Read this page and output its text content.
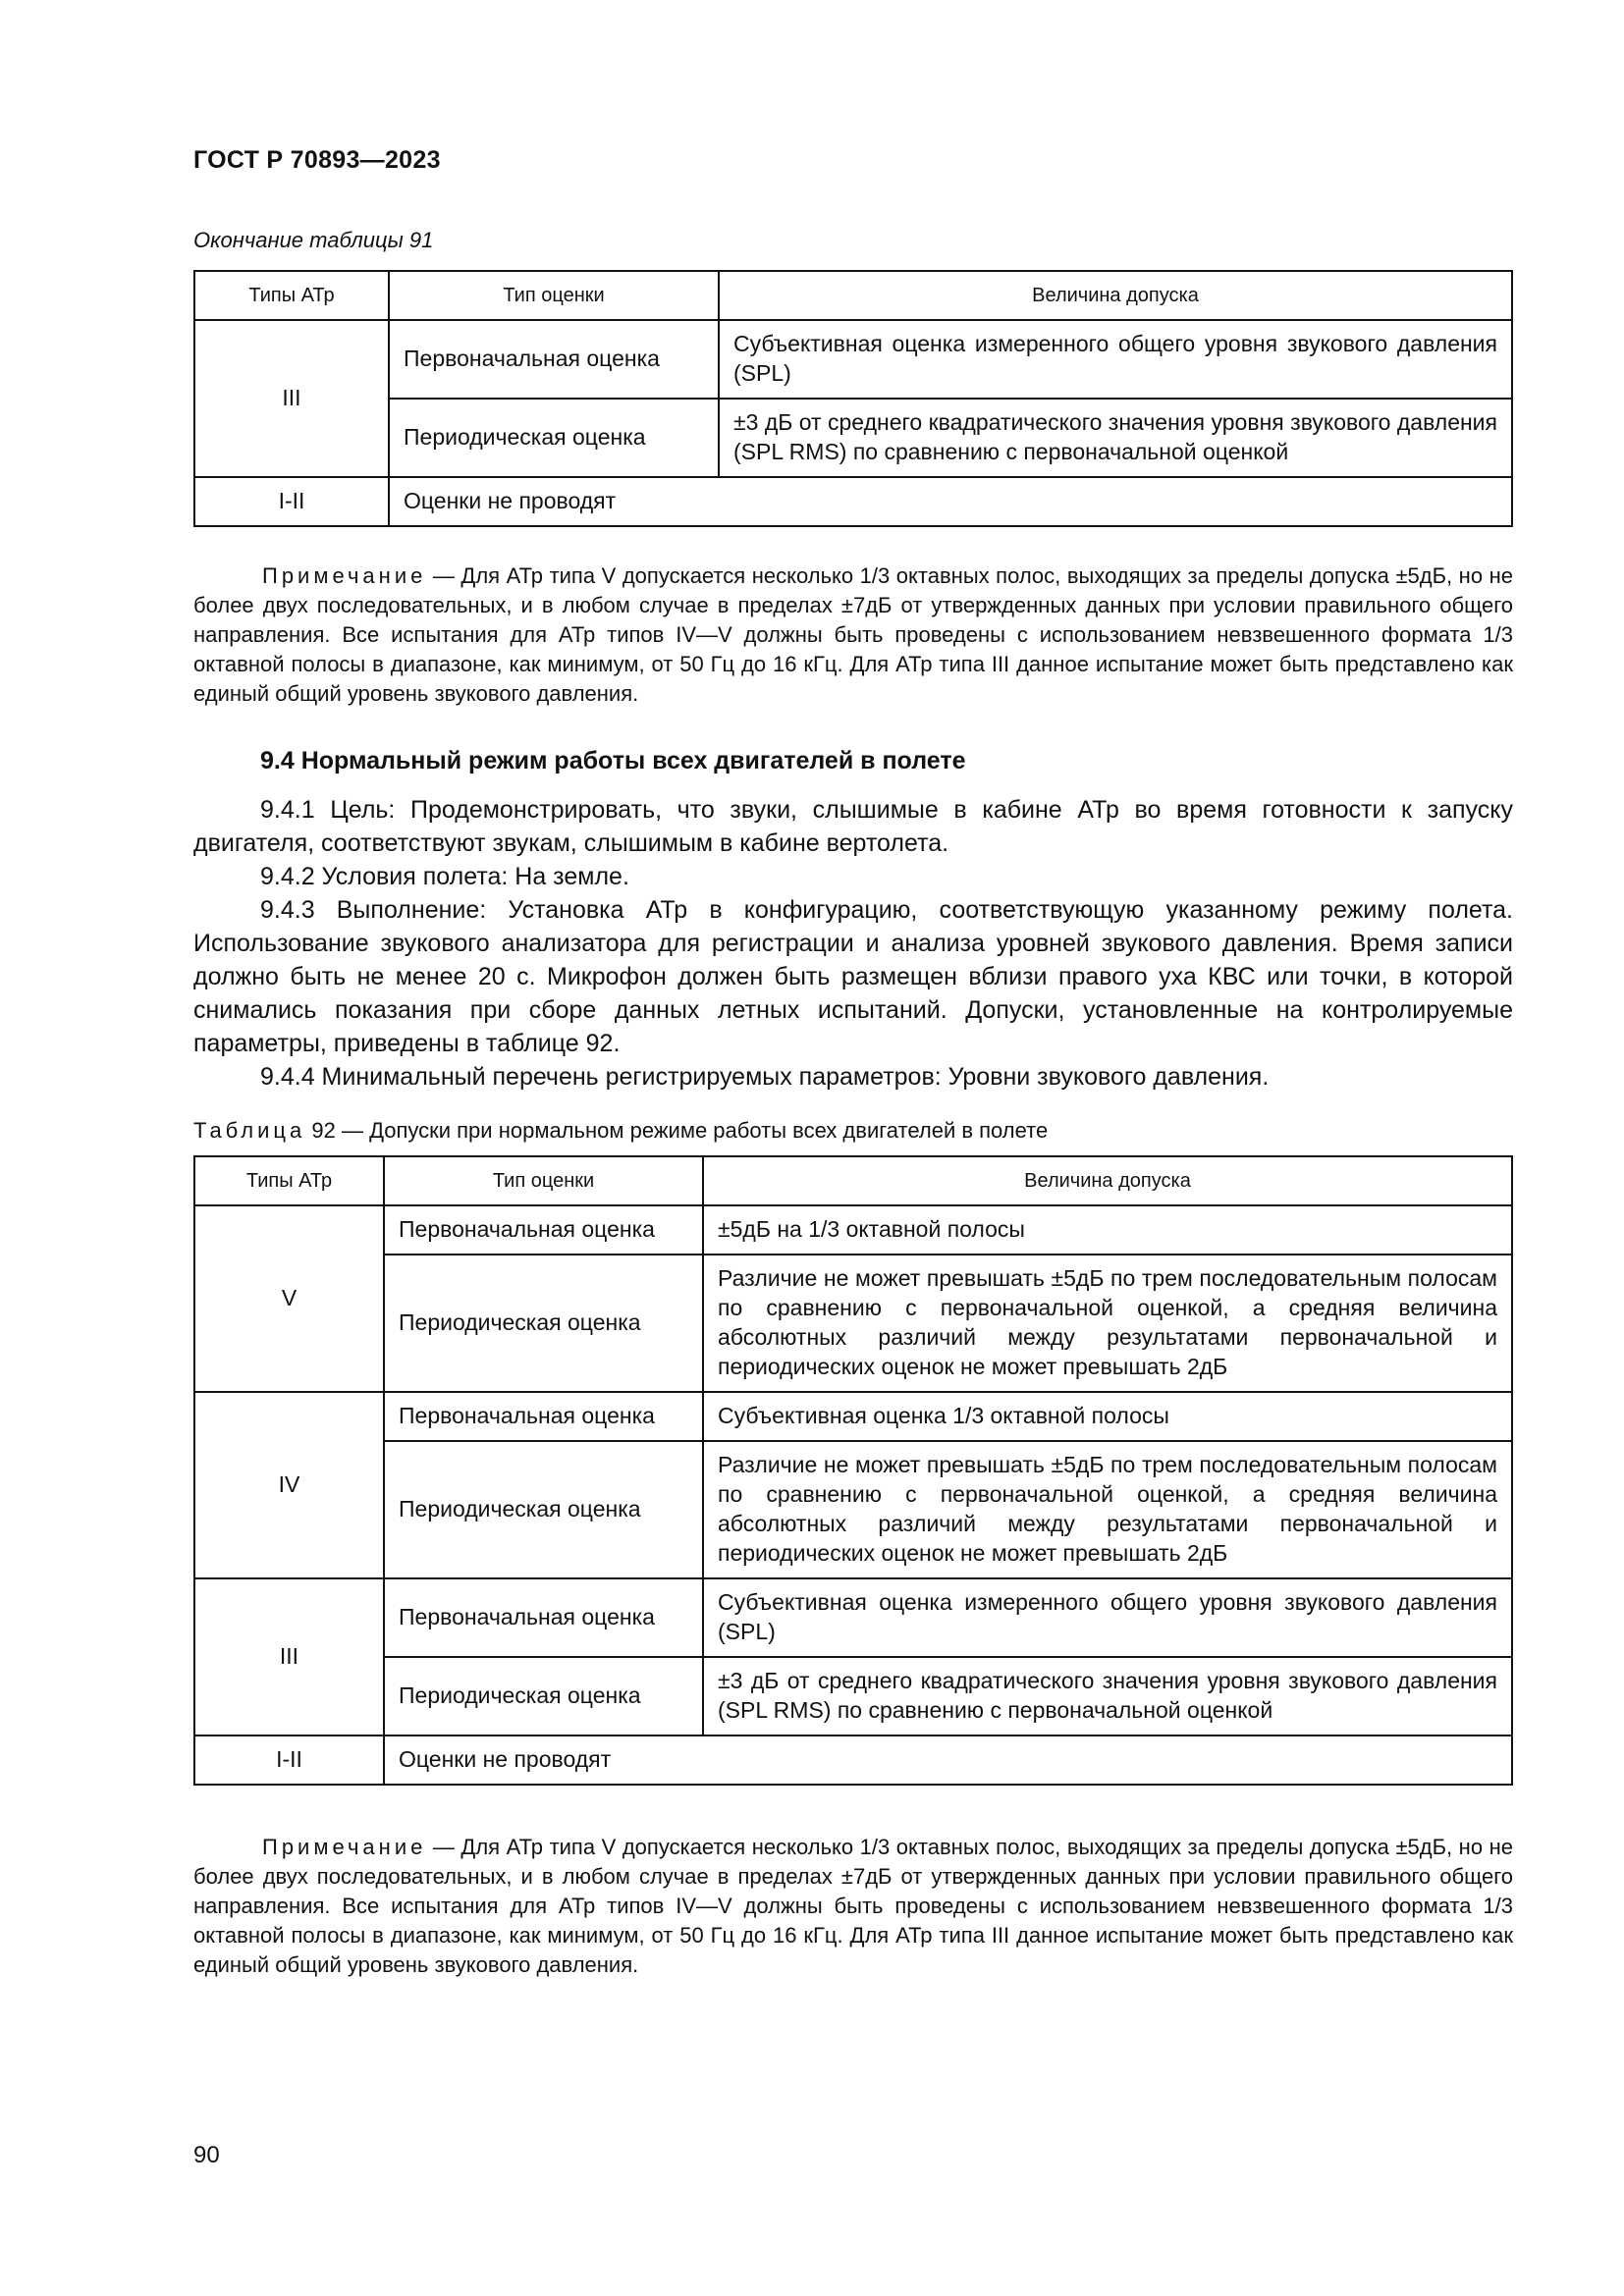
ГОСТ Р 70893—2023
Окончание таблицы 91
Типы АТр	Тип оценки	Величина допуска
III	Первоначальная оценка	Субъективная оценка измеренного общего уровня звукового давления (SPL)
	Периодическая оценка	±3 дБ от среднего квадратического значения уровня звукового давления (SPL RMS) по сравнению с первоначальной оценкой
I-II	Оценки не проводят	
Примечание — Для АТр типа V допускается несколько 1/3 октавных полос, выходящих за пределы допуска ±5дБ, но не более двух последовательных, и в любом случае в пределах ±7дБ от утвержденных данных при условии правильного общего направления. Все испытания для АТр типов IV—V должны быть проведены с использованием невзвешенного формата 1/3 октавной полосы в диапазоне, как минимум, от 50 Гц до 16 кГц. Для АТр типа III данное испытание может быть представлено как единый общий уровень звукового давления.
9.4 Нормальный режим работы всех двигателей в полете

9.4.1 Цель: Продемонстрировать, что звуки, слышимые в кабине АТр во время готовности к запуску двигателя, соответствуют звукам, слышимым в кабине вертолета.

9.4.2 Условия полета: На земле.

9.4.3 Выполнение: Установка АТр в конфигурацию, соответствующую указанному режиму полета. Использование звукового анализатора для регистрации и анализа уровней звукового давления. Время записи должно быть не менее 20 с. Микрофон должен быть размещен вблизи правого уха КВС или точки, в которой снимались показания при сборе данных летных испытаний. Допуски, установленные на контролируемые параметры, приведены в таблице 92.

9.4.4 Минимальный перечень регистрируемых параметров: Уровни звукового давления.

Таблица 92 — Допуски при нормальном режиме работы всех двигателей в полете
Типы АТр	Тип оценки	Величина допуска
V	Первоначальная оценка	±5дБ на 1/3 октавной полосы
	Периодическая оценка	Различие не может превышать ±5дБ по трем последовательным полосам по сравнению с первоначальной оценкой, а средняя величина абсолютных различий между результатами первоначальной и периодических оценок не может превышать 2дБ
IV	Первоначальная оценка	Субъективная оценка 1/3 октавной полосы
	Периодическая оценка	Различие не может превышать ±5дБ по трем последовательным полосам по сравнению с первоначальной оценкой, а средняя величина абсолютных различий между результатами первоначальной и периодических оценок не может превышать 2дБ
III	Первоначальная оценка	Субъективная оценка измеренного общего уровня звукового давления (SPL)
	Периодическая оценка	±3 дБ от среднего квадратического значения уровня звукового давления (SPL RMS) по сравнению с первоначальной оценкой
I-II	Оценки не проводят	
Примечание — Для АТр типа V допускается несколько 1/3 октавных полос, выходящих за пределы допуска ±5дБ, но не более двух последовательных, и в любом случае в пределах ±7дБ от утвержденных данных при условии правильного общего направления. Все испытания для АТр типов IV—V должны быть проведены с использованием невзвешенного формата 1/3 октавной полосы в диапазоне, как минимум, от 50 Гц до 16 кГц. Для АТр типа III данное испытание может быть представлено как единый общий уровень звукового давления.
90
